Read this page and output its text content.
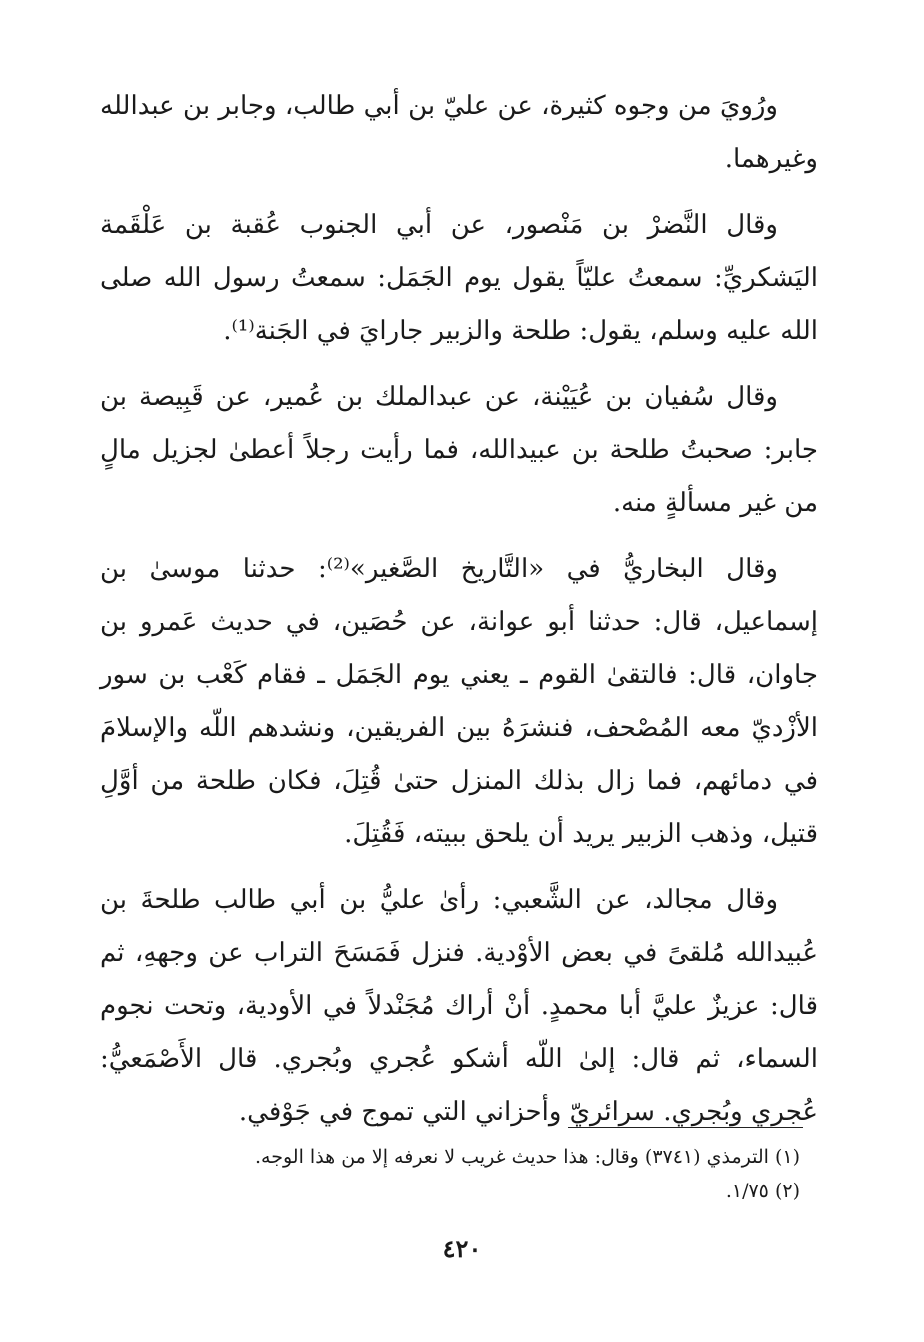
ورُويَ من وجوه كثيرة، عن عليّ بن أبي طالب، وجابر بن عبدالله وغيرهما.

وقال النَّضرْ بن مَنْصور، عن أبي الجنوب عُقبة بن عَلْقَمة اليَشكريِّ: سمعتُ عليّاً يقول يوم الجَمَل: سمعتُ رسول الله صلى الله عليه وسلم، يقول: طلحة والزبير جارايَ في الجَنة⁽¹⁾.

وقال سُفيان بن عُيَيْنة، عن عبدالملك بن عُمير، عن قَبِيصة بن جابر: صحبتُ طلحة بن عبيدالله، فما رأيت رجلاً أعطىٰ لجزيل مالٍ من غير مسألةٍ منه.

وقال البخاريُّ في «التَّاريخ الصَّغير»⁽²⁾: حدثنا موسىٰ بن إسماعيل، قال: حدثنا أبو عوانة، عن حُصَين، في حديث عَمرو بن جاوان، قال: فالتقىٰ القوم ـ يعني يوم الجَمَل ـ فقام كَعْب بن سور الأزْديّ معه المُصْحف، فنشرَهُ بين الفريقين، ونشدهم اللّه والإسلامَ في دمائهم، فما زال بذلك المنزل حتىٰ قُتِلَ، فكان طلحة من أوَّلِ قتيل، وذهب الزبير يريد أن يلحق ببيته، فَقُتِلَ.

وقال مجالد، عن الشَّعبي: رأىٰ عليُّ بن أبي طالب طلحةَ بن عُبيدالله مُلقىً في بعض الأوْدية. فنزل فَمَسَحَ التراب عن وجههِ، ثم قال: عزيزٌ عليَّ أبا محمدٍ. أنْ أراك مُجَنْدلاً في الأودية، وتحت نجوم السماء، ثم قال: إلىٰ اللّه أشكو عُجري وبُجري. قال الأَصْمَعيُّ: عُجري وبُجري. سرائريّ وأحزاني التي تموج في جَوْفي.

(١) الترمذي (٣٧٤١) وقال: هذا حديث غريب لا نعرفه إلا من هذا الوجه.

(٢) ١/٧٥.

٤٢٠
